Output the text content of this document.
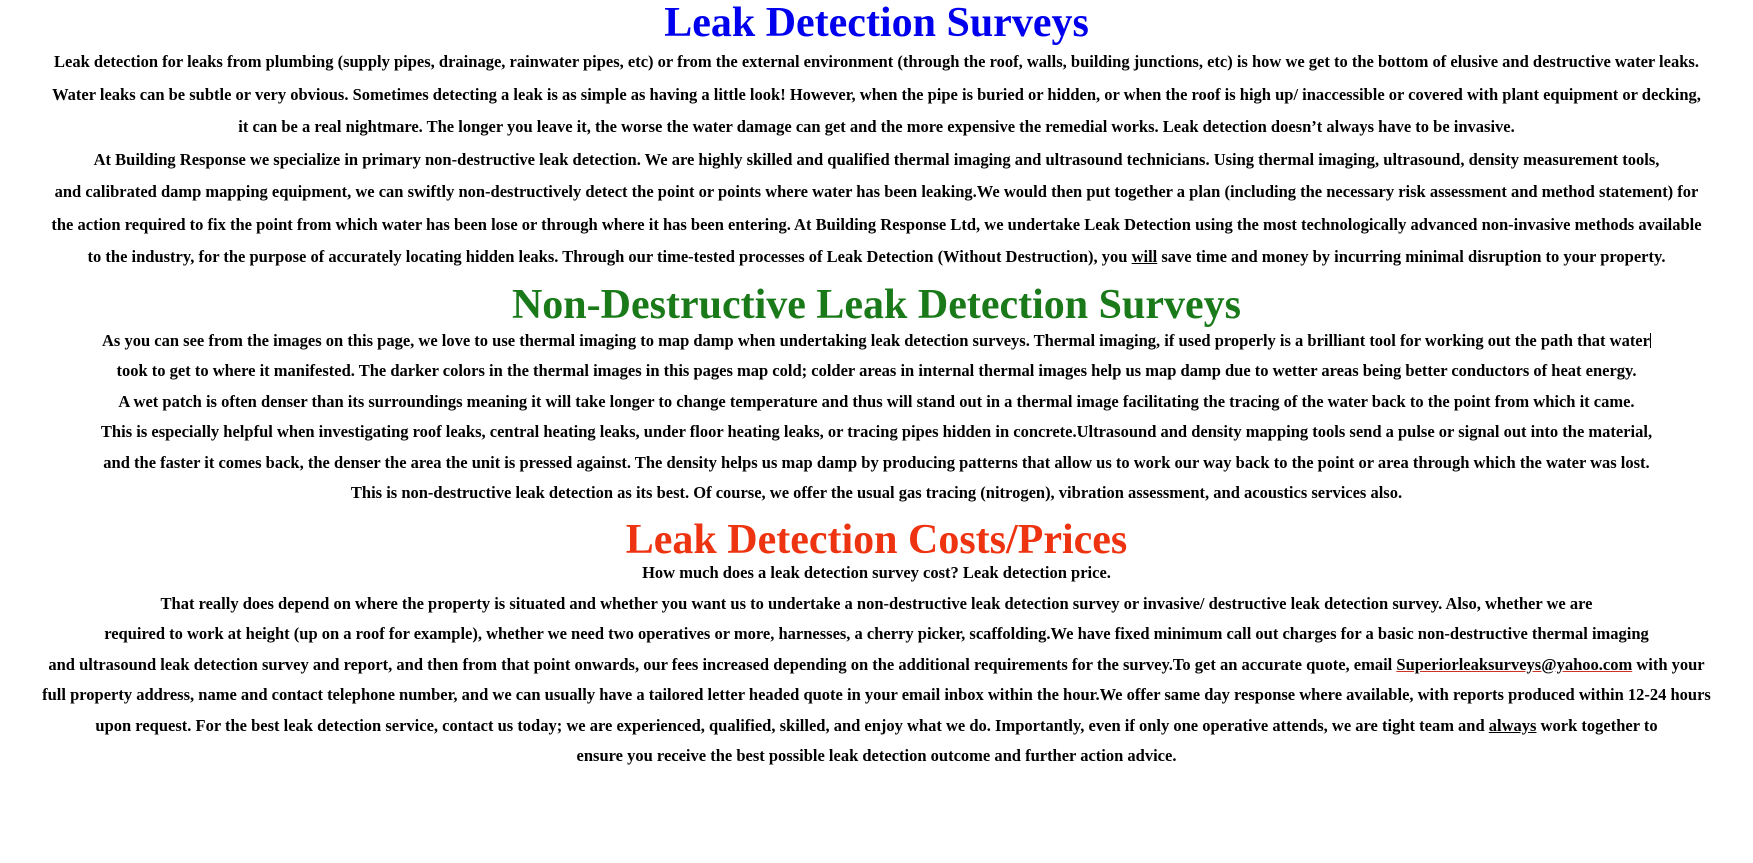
Leak Detection Surveys

Leak detection for leaks from plumbing (supply pipes, drainage, rainwater pipes, etc) or from the external environment (through the roof, walls, building junctions, etc) is how we get to the bottom of elusive and destructive water leaks.

Water leaks can be subtle or very obvious. Sometimes detecting a leak is as simple as having a little look! However, when the pipe is buried or hidden, or when the roof is high up/ inaccessible or covered with plant equipment or decking,

it can be a real nightmare. The longer you leave it, the worse the water damage can get and the more expensive the remedial works. Leak detection doesn’t always have to be invasive.

At Building Response we specialize in primary non-destructive leak detection. We are highly skilled and qualified thermal imaging and ultrasound technicians. Using thermal imaging, ultrasound, density measurement tools,

and calibrated damp mapping equipment, we can swiftly non-destructively detect the point or points where water has been leaking.We would then put together a plan (including the necessary risk assessment and method statement) for

the action required to fix the point from which water has been lose or through where it has been entering. At Building Response Ltd, we undertake Leak Detection using the most technologically advanced non-invasive methods available

to the industry, for the purpose of accurately locating hidden leaks. Through our time-tested processes of Leak Detection (Without Destruction), you will save time and money by incurring minimal disruption to your property.

Non-Destructive Leak Detection Surveys

As you can see from the images on this page, we love to use thermal imaging to map damp when undertaking leak detection surveys. Thermal imaging, if used properly is a brilliant tool for working out the path that water

took to get to where it manifested. The darker colors in the thermal images in this pages map cold; colder areas in internal thermal images help us map damp due to wetter areas being better conductors of heat energy.

A wet patch is often denser than its surroundings meaning it will take longer to change temperature and thus will stand out in a thermal image facilitating the tracing of the water back to the point from which it came.

This is especially helpful when investigating roof leaks, central heating leaks, under floor heating leaks, or tracing pipes hidden in concrete.Ultrasound and density mapping tools send a pulse or signal out into the material,

and the faster it comes back, the denser the area the unit is pressed against. The density helps us map damp by producing patterns that allow us to work our way back to the point or area through which the water was lost.

This is non-destructive leak detection as its best. Of course, we offer the usual gas tracing (nitrogen), vibration assessment, and acoustics services also.

Leak Detection Costs/Prices

How much does a leak detection survey cost? Leak detection price.

That really does depend on where the property is situated and whether you want us to undertake a non-destructive leak detection survey or invasive/ destructive leak detection survey. Also, whether we are

required to work at height (up on a roof for example), whether we need two operatives or more, harnesses, a cherry picker, scaffolding.We have fixed minimum call out charges for a basic non-destructive thermal imaging

and ultrasound leak detection survey and report, and then from that point onwards, our fees increased depending on the additional requirements for the survey.To get an accurate quote, email Superiorleaksurveys@yahoo.com with your

full property address, name and contact telephone number, and we can usually have a tailored letter headed quote in your email inbox within the hour.We offer same day response where available, with reports produced within 12-24 hours

upon request. For the best leak detection service, contact us today; we are experienced, qualified, skilled, and enjoy what we do. Importantly, even if only one operative attends, we are tight team and always work together to

ensure you receive the best possible leak detection outcome and further action advice.
